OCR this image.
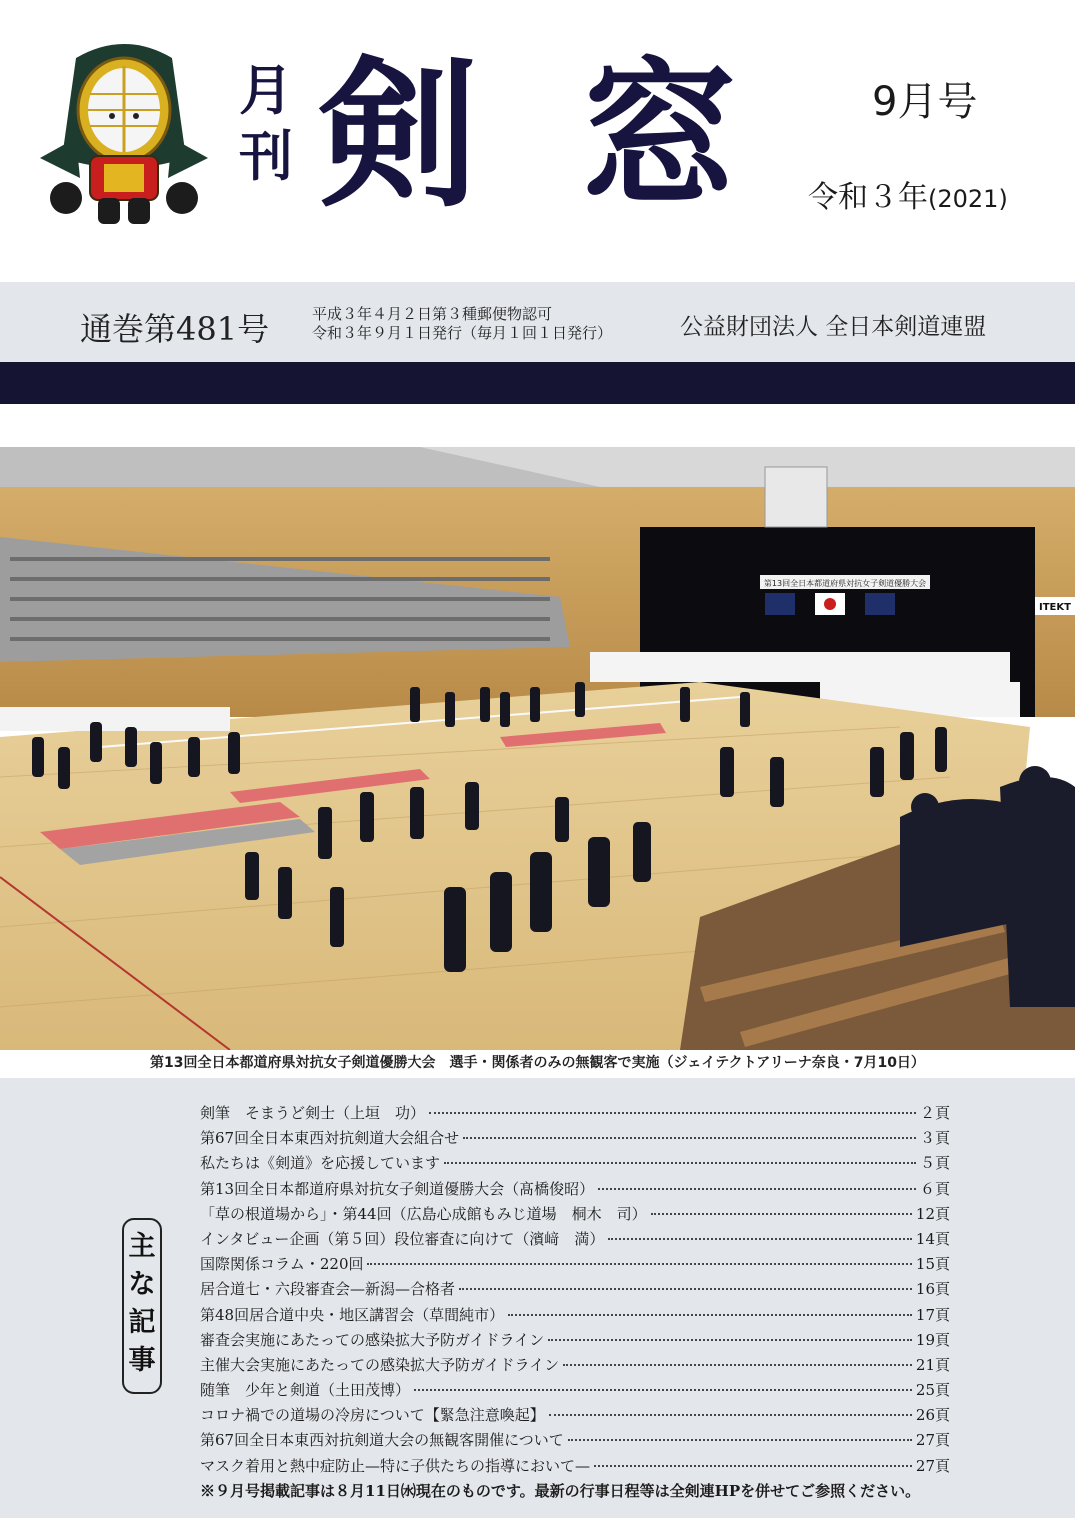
月
刊 剣窓 9月号
令和３年(2021)
通巻第481号	平成３年４月２日第３種郵便物認可
令和３年９月１日発行（毎月１回１日発行）	公益財団法人 全日本剣道連盟
第13回全日本都道府県対抗女子剣道優勝大会
ITEKT
第13回全日本都道府県対抗女子剣道優勝大会　選手・関係者のみの無観客で実施（ジェイテクトアリーナ奈良・7月10日）
主
な
記
事
剣筆　そまうど剣士（上垣　功）	２頁
第67回全日本東西対抗剣道大会組合せ	３頁
私たちは《剣道》を応援しています	５頁
第13回全日本都道府県対抗女子剣道優勝大会（髙橋俊昭）	６頁
「草の根道場から」・第44回（広島心成館もみじ道場　桐木　司）	12頁
インタビュー企画（第５回）段位審査に向けて（濱﨑　満）	14頁
国際関係コラム・220回	15頁
居合道七・六段審査会—新潟—合格者	16頁
第48回居合道中央・地区講習会（草間純市）	17頁
審査会実施にあたっての感染拡大予防ガイドライン	19頁
主催大会実施にあたっての感染拡大予防ガイドライン	21頁
随筆　少年と剣道（土田茂博）	25頁
コロナ禍での道場の冷房について【緊急注意喚起】	26頁
第67回全日本東西対抗剣道大会の無観客開催について	27頁
マスク着用と熱中症防止—特に子供たちの指導において—	27頁
※９月号掲載記事は８月11日㈬現在のものです。最新の行事日程等は全剣連HPを併せてご参照ください。
